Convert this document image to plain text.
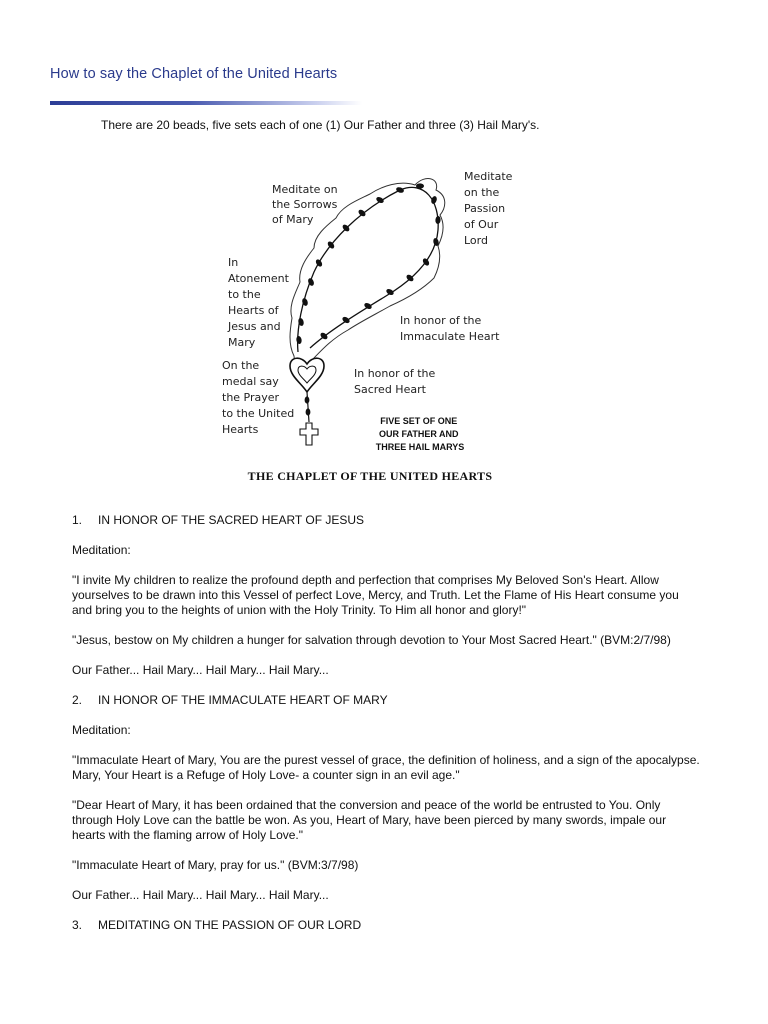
How to say the Chaplet of the United Hearts

There are 20 beads, five sets each of one (1) Our Father and three (3) Hail Mary's.

Meditate on the Sorrows of Mary
Meditate on the Passion of Our Lord
In Atonement to the Hearts of Jesus and Mary
In honor of the Immaculate Heart
On the medal say the Prayer to the United Hearts
In honor of the Sacred Heart
FIVE SET OF ONE OUR FATHER AND THREE HAIL MARYS
THE CHAPLET OF THE UNITED HEARTS

1.	IN HONOR OF THE SACRED HEART OF JESUS

Meditation:

"I invite My children to realize the profound depth and perfection that comprises My Beloved Son's Heart. Allow yourselves to be drawn into this Vessel of perfect Love, Mercy, and Truth. Let the Flame of His Heart consume you and bring you to the heights of union with the Holy Trinity. To Him all honor and glory!"

"Jesus, bestow on My children a hunger for salvation through devotion to Your Most Sacred Heart." (BVM:2/7/98)

Our Father... Hail Mary... Hail Mary... Hail Mary...

2.	IN HONOR OF THE IMMACULATE HEART OF MARY

Meditation:

"Immaculate Heart of Mary, You are the purest vessel of grace, the definition of holiness, and a sign of the apocalypse. Mary, Your Heart is a Refuge of Holy Love- a counter sign in an evil age."

"Dear Heart of Mary, it has been ordained that the conversion and peace of the world be entrusted to You. Only through Holy Love can the battle be won. As you, Heart of Mary, have been pierced by many swords, impale our hearts with the flaming arrow of Holy Love."

"Immaculate Heart of Mary, pray for us." (BVM:3/7/98)

Our Father... Hail Mary... Hail Mary... Hail Mary...

3.	MEDITATING ON THE PASSION OF OUR LORD
